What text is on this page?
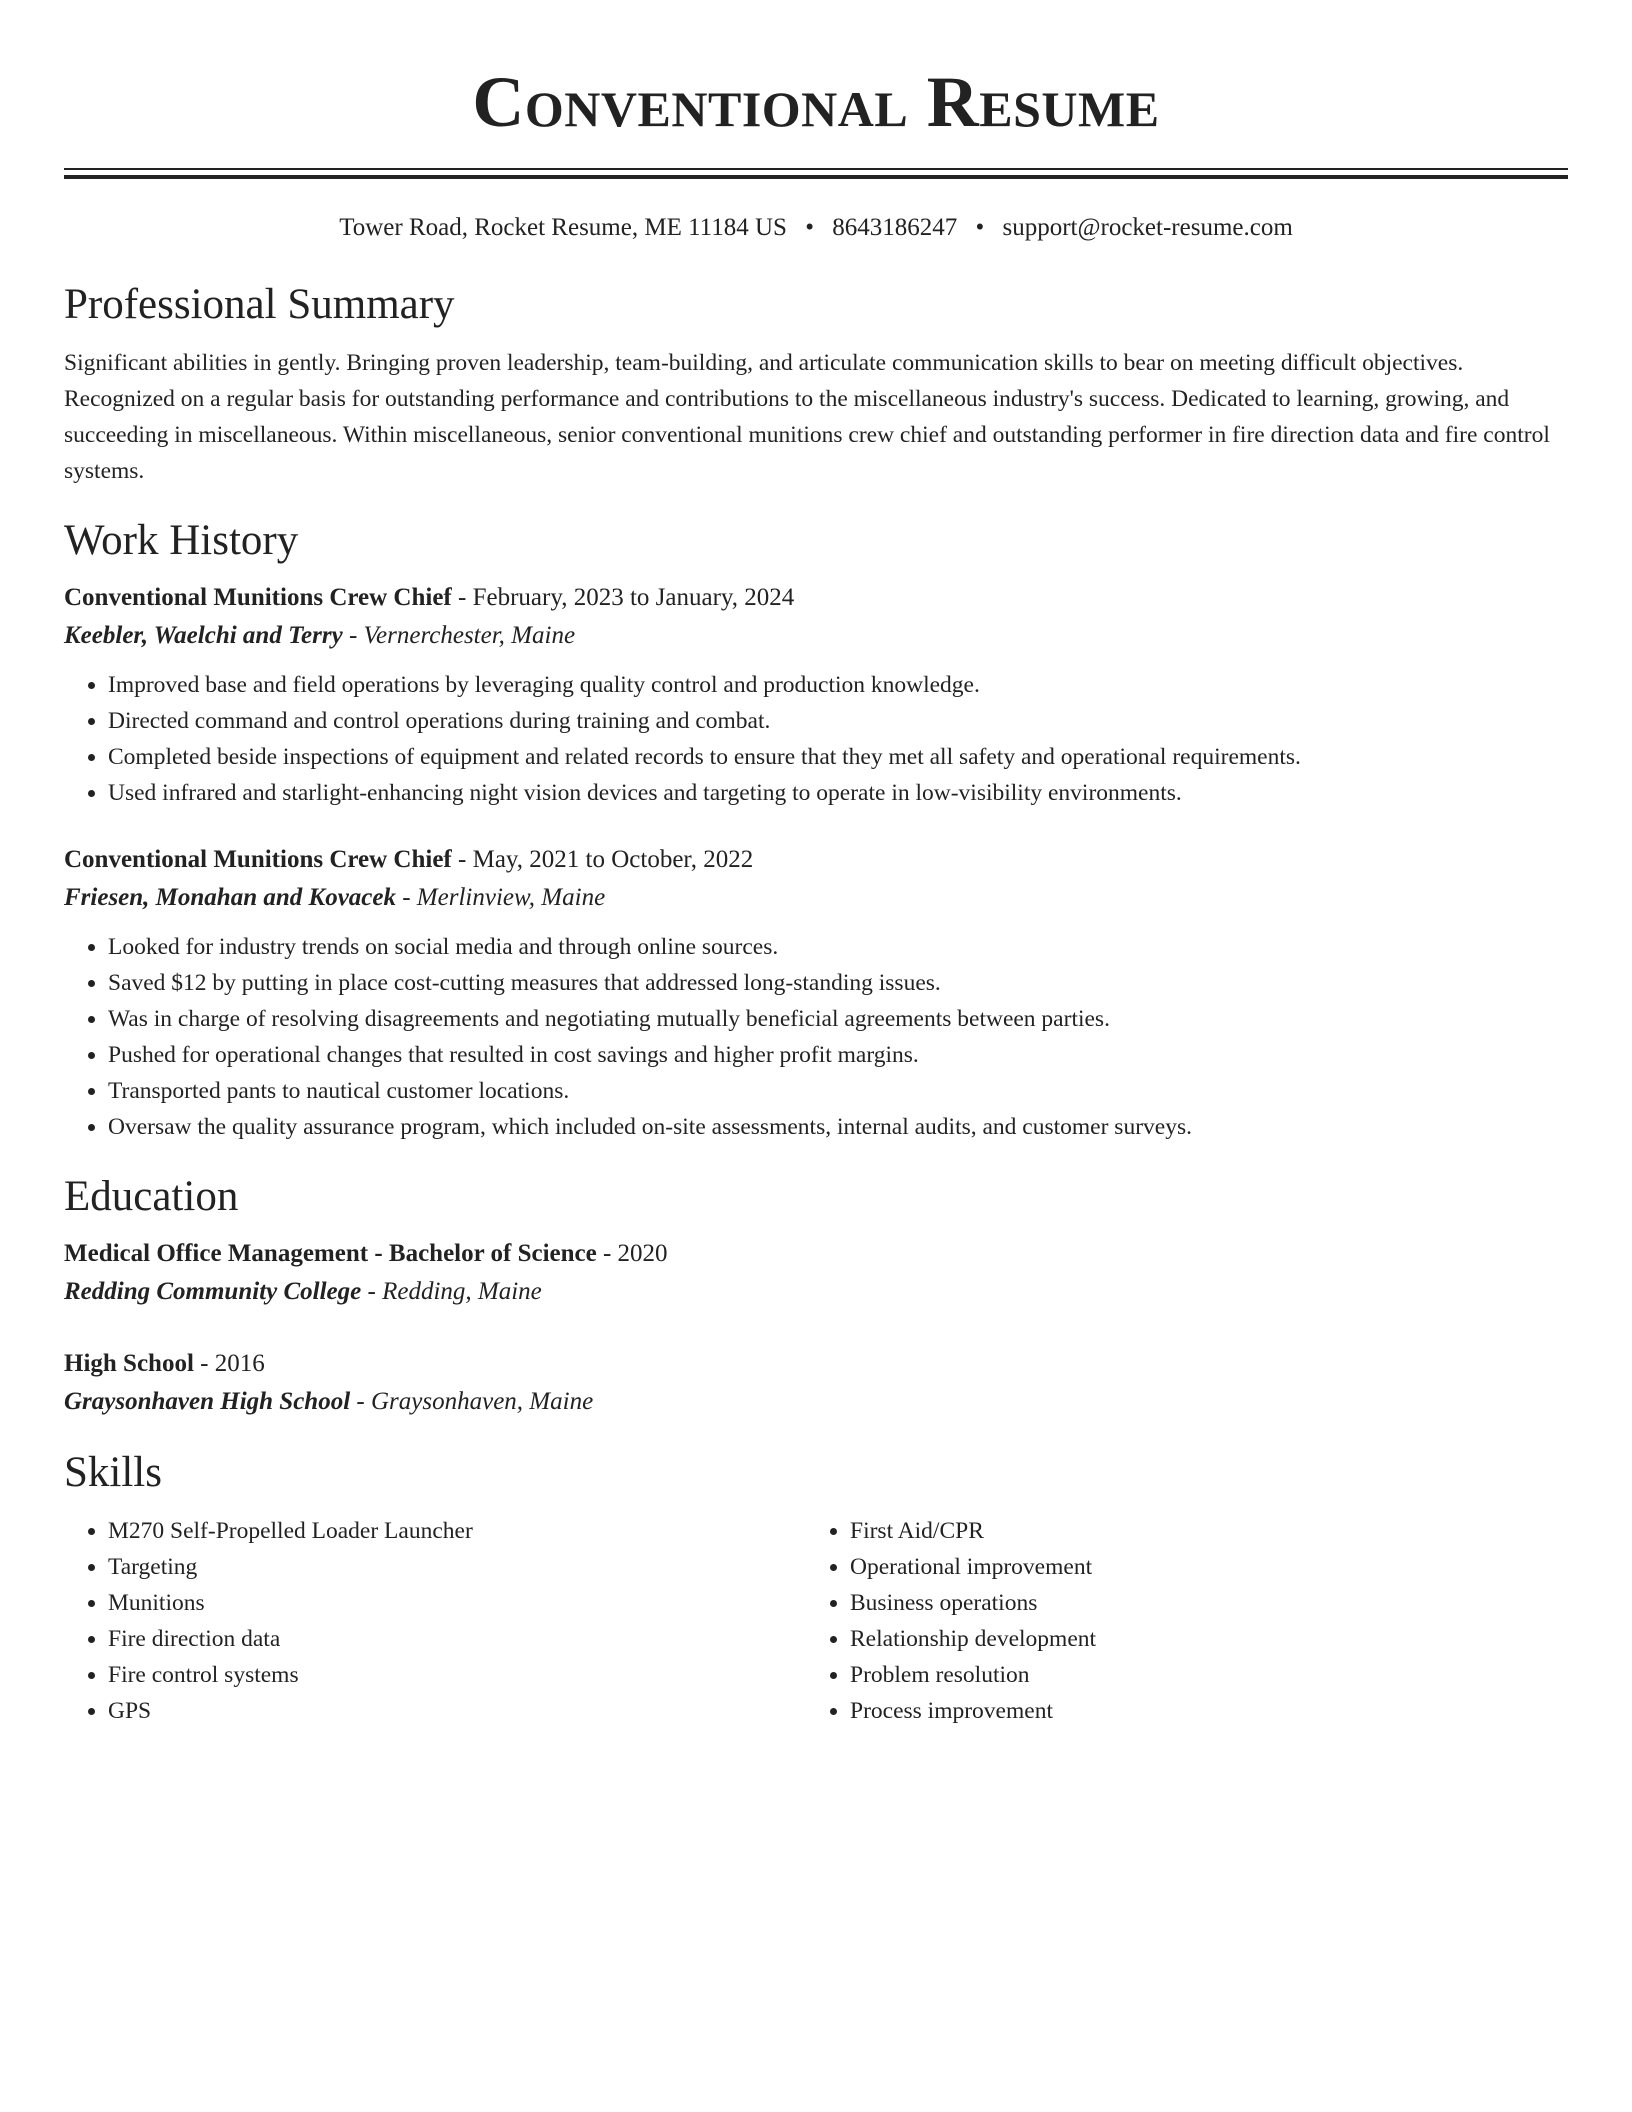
Conventional Resume
Tower Road, Rocket Resume, ME 11184 US • 8643186247 • support@rocket-resume.com
Professional Summary

Significant abilities in gently. Bringing proven leadership, team-building, and articulate communication skills to bear on meeting difficult objectives. Recognized on a regular basis for outstanding performance and contributions to the miscellaneous industry's success. Dedicated to learning, growing, and succeeding in miscellaneous. Within miscellaneous, senior conventional munitions crew chief and outstanding performer in fire direction data and fire control systems.

Work History

Conventional Munitions Crew Chief - February, 2023 to January, 2024

Keebler, Waelchi and Terry - Vernerchester, Maine

• Improved base and field operations by leveraging quality control and production knowledge.
• Directed command and control operations during training and combat.
• Completed beside inspections of equipment and related records to ensure that they met all safety and operational requirements.
• Used infrared and starlight-enhancing night vision devices and targeting to operate in low-visibility environments.

Conventional Munitions Crew Chief - May, 2021 to October, 2022

Friesen, Monahan and Kovacek - Merlinview, Maine

• Looked for industry trends on social media and through online sources.
• Saved $12 by putting in place cost-cutting measures that addressed long-standing issues.
• Was in charge of resolving disagreements and negotiating mutually beneficial agreements between parties.
• Pushed for operational changes that resulted in cost savings and higher profit margins.
• Transported pants to nautical customer locations.
• Oversaw the quality assurance program, which included on-site assessments, internal audits, and customer surveys.
Education

Medical Office Management - Bachelor of Science - 2020

Redding Community College - Redding, Maine

High School - 2016

Graysonhaven High School - Graysonhaven, Maine

Skills
• M270 Self-Propelled Loader Launcher
• Targeting
• Munitions
• Fire direction data
• Fire control systems
• GPS
• First Aid/CPR
• Operational improvement
• Business operations
• Relationship development
• Problem resolution
• Process improvement
